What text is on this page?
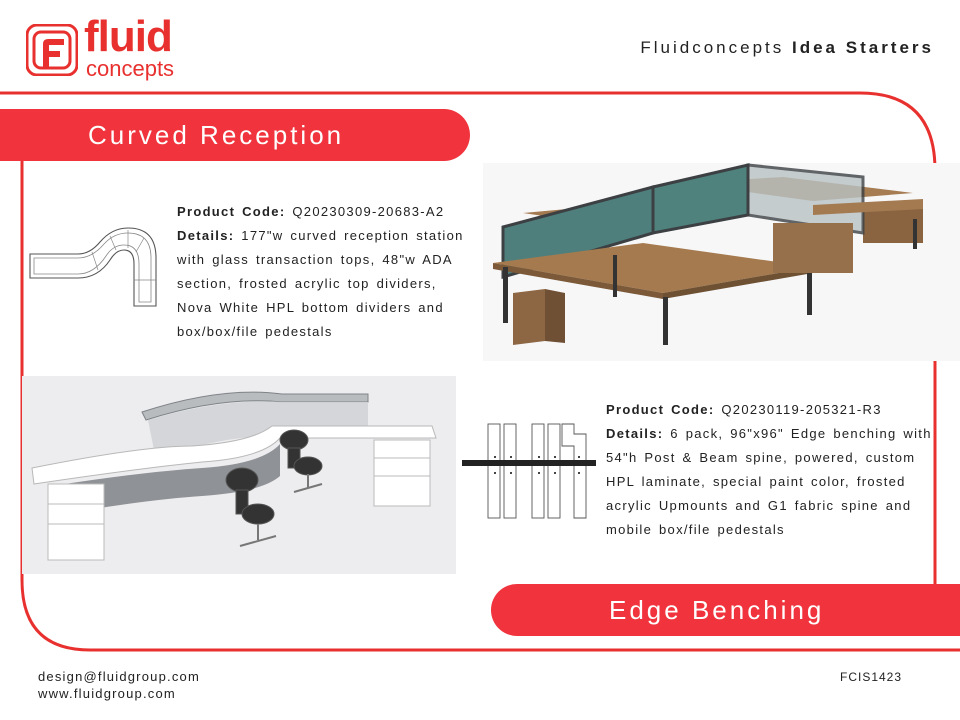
fluid
concepts
Fluidconcepts Idea Starters
Curved Reception
Product Code: Q20230309-20683-A2
Details: 177"w curved reception station with glass transaction tops, 48"w ADA section, frosted acrylic top dividers, Nova White HPL bottom dividers and box/box/file pedestals
Product Code: Q20230119-205321-R3
Details: 6 pack, 96"x96" Edge benching with 54"h Post & Beam spine, powered, custom HPL laminate, special paint color, frosted acrylic Upmounts and G1 fabric spine and mobile box/file pedestals
Edge Benching
design@fluidgroup.com
www.fluidgroup.com
FCIS1423
